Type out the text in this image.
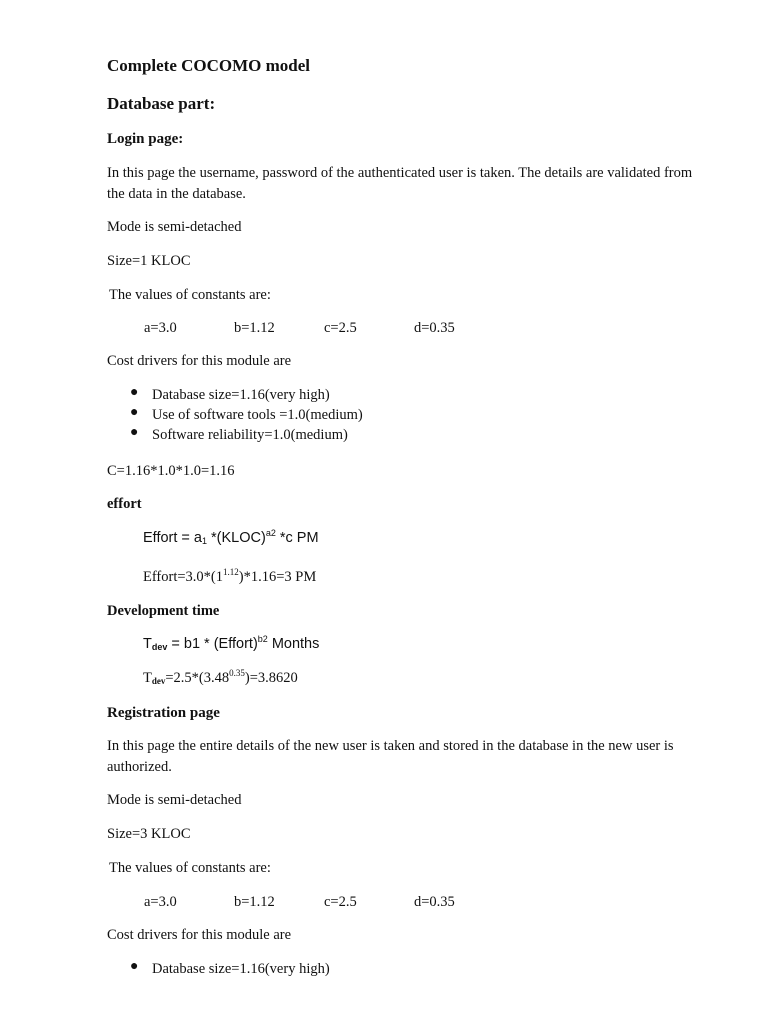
Complete COCOMO model
Database part:
Login page:
In this page the username, password of the authenticated user is taken. The details are validated from the data in the database.
Mode is semi-detached
Size=1 KLOC
The values of constants are:
a=3.0	b=1.12	c=2.5	d=0.35
Cost drivers for this module are
● Database size=1.16(very high)
● Use of software tools =1.0(medium)
● Software reliability=1.0(medium)
C=1.16*1.0*1.0=1.16
effort
Effort = $a_1$ *(KLOC)$^{a2}$ *c PM
$Effort=3.0*(1^{1.12})*1.16=3$ PM
Development time
$T_{dev} = b1$ * (Effort)$^{b2}$ Months
$T_{dev}=2.5*(3.48^{0.35})=3.8620$
Registration page
In this page the entire details of the new user is taken and stored in the database in the new user is authorized.
Mode is semi-detached
Size=3 KLOC
The values of constants are:
a=3.0	b=1.12	c=2.5	d=0.35
Cost drivers for this module are
● Database size=1.16(very high)
